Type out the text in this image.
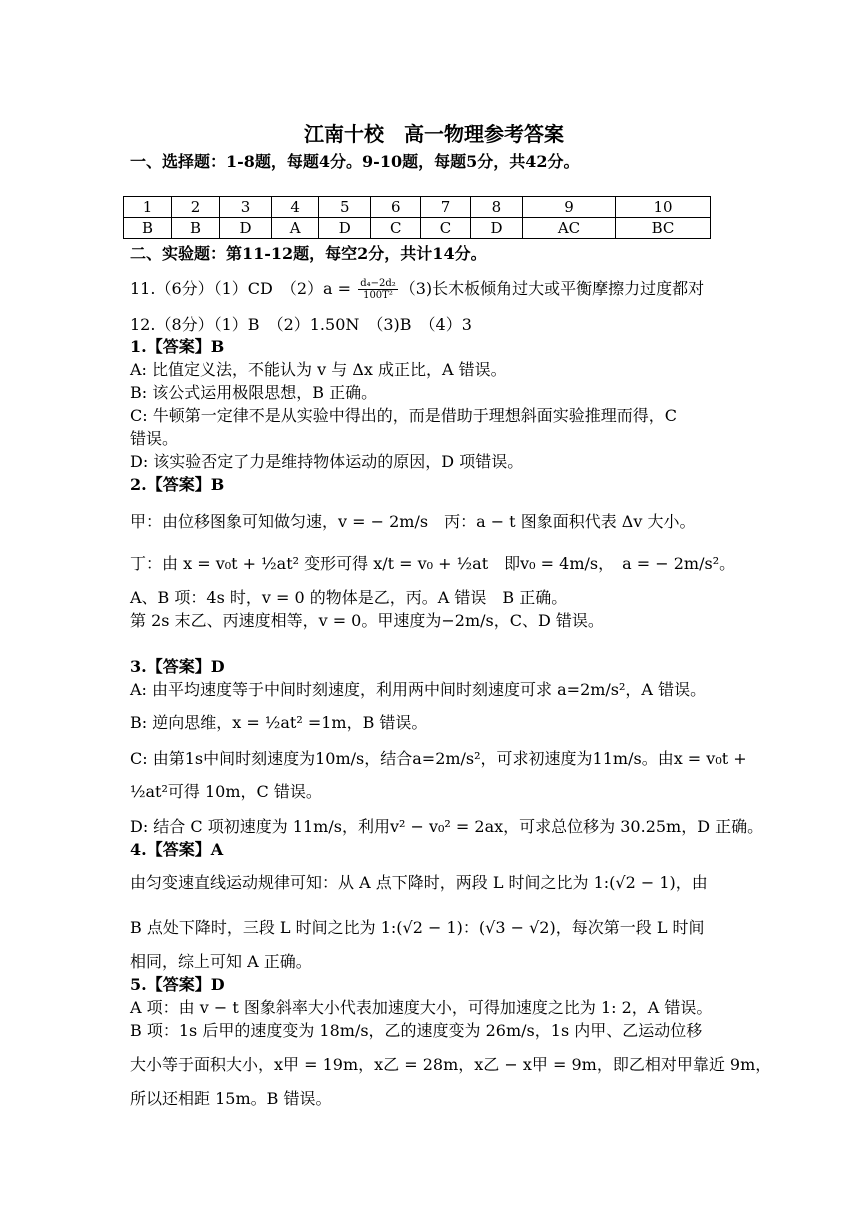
江南十校　高一物理参考答案
一、选择题：1-8题，每题4分。9-10题，每题5分，共42分。
1	2	3	4	5	6	7	8	9	10
B	B	D	A	D	C	C	D	AC	BC
二、实验题：第11-12题，每空2分，共计14分。
11.（6分）（1）CD　$(2)a = \frac{\text{d₄−2d₂}}{\text{100T²}} (3)$长木板倾角过大或平衡摩擦力过度都对
12.（8分）（1）B　（2）1.50N　（3)B　（4）3
1.【答案】B
A: 比值定义法，不能认为 v 与 Δx 成正比，A 错误。
B: 该公式运用极限思想，B 正确。
C: 牛顿第一定律不是从实验中得出的，而是借助于理想斜面实验推理而得，C
错误。
D: 该实验否定了力是维持物体运动的原因，D 项错误。
2.【答案】B
甲：由位移图象可知做匀速，v = − 2m/s　丙：a − t 图象面积代表 Δv 大小。
丁：由 x = v₀t + ½at² 变形可得 x/t = v₀ + ½at　即v₀ = 4m/s，　a = − 2m/s²。
A、B 项：4s 时，v = 0 的物体是乙，丙。A 错误　B 正确。
第 2s 末乙、丙速度相等，v = 0。甲速度为−2m/s，C、D 错误。
3.【答案】D
A: 由平均速度等于中间时刻速度，利用两中间时刻速度可求 a=2m/s²，A 错误。
B: 逆向思维，x = ½at² =1m，B 错误。
C: 由第1s中间时刻速度为10m/s，结合a=2m/s²，可求初速度为11m/s。由x = v₀t +
½at²可得 10m，C 错误。
D: 结合 C 项初速度为 11m/s，利用v² − v₀² = 2ax，可求总位移为 30.25m，D 正确。
4.【答案】A
由匀变速直线运动规律可知：从 A 点下降时，两段 L 时间之比为 1:(√2 − 1)，由
B 点处下降时，三段 L 时间之比为 1:(√2 − 1)：(√3 − √2)，每次第一段 L 时间
相同，综上可知 A 正确。
5.【答案】D
A 项：由 v − t 图象斜率大小代表加速度大小，可得加速度之比为 1: 2，A 错误。
B 项：1s 后甲的速度变为 18m/s，乙的速度变为 26m/s，1s 内甲、乙运动位移
大小等于面积大小，x甲 = 19m，x乙 = 28m，x乙 − x甲 = 9m，即乙相对甲靠近 9m，
所以还相距 15m。B 错误。
